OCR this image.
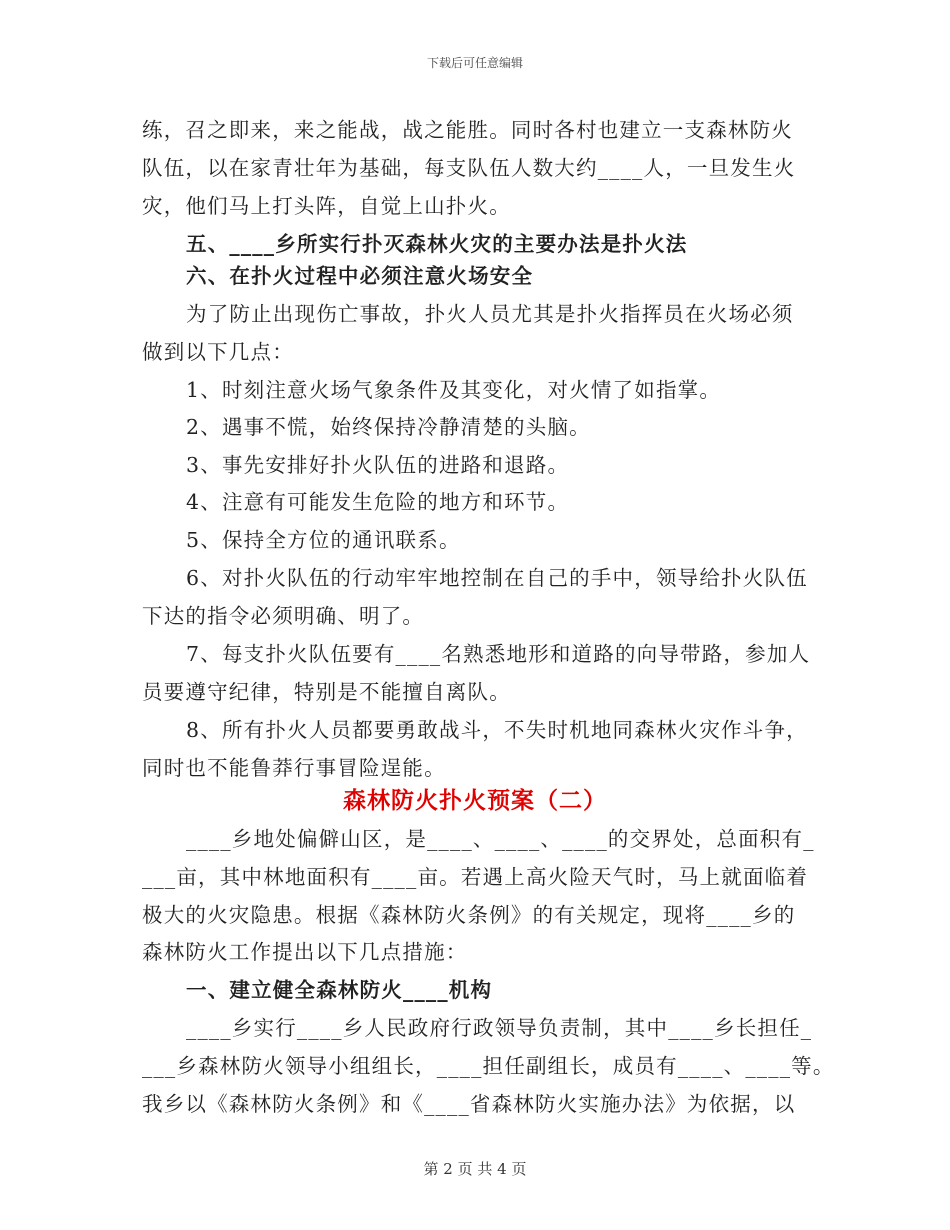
下载后可任意编辑
练，召之即来，来之能战，战之能胜。同时各村也建立一支森林防火
队伍，以在家青壮年为基础，每支队伍人数大约____人，一旦发生火
灾，他们马上打头阵，自觉上山扑火。
五、____乡所实行扑灭森林火灾的主要办法是扑火法
六、在扑火过程中必须注意火场安全
为了防止出现伤亡事故，扑火人员尤其是扑火指挥员在火场必须
做到以下几点：
1、时刻注意火场气象条件及其变化，对火情了如指掌。
2、遇事不慌，始终保持冷静清楚的头脑。
3、事先安排好扑火队伍的进路和退路。
4、注意有可能发生危险的地方和环节。
5、保持全方位的通讯联系。
6、对扑火队伍的行动牢牢地控制在自己的手中，领导给扑火队伍
下达的指令必须明确、明了。
7、每支扑火队伍要有____名熟悉地形和道路的向导带路，参加人
员要遵守纪律，特别是不能擅自离队。
8、所有扑火人员都要勇敢战斗，不失时机地同森林火灾作斗争，
同时也不能鲁莽行事冒险逞能。
森林防火扑火预案（二）
____乡地处偏僻山区，是____、____、____的交界处，总面积有_
___亩，其中林地面积有____亩。若遇上高火险天气时，马上就面临着
极大的火灾隐患。根据《森林防火条例》的有关规定，现将____乡的
森林防火工作提出以下几点措施：
一、建立健全森林防火____机构
____乡实行____乡人民政府行政领导负责制，其中____乡长担任_
___乡森林防火领导小组组长，____担任副组长，成员有____、____等。
我乡以《森林防火条例》和《____省森林防火实施办法》为依据，以
第 2 页 共 4 页
